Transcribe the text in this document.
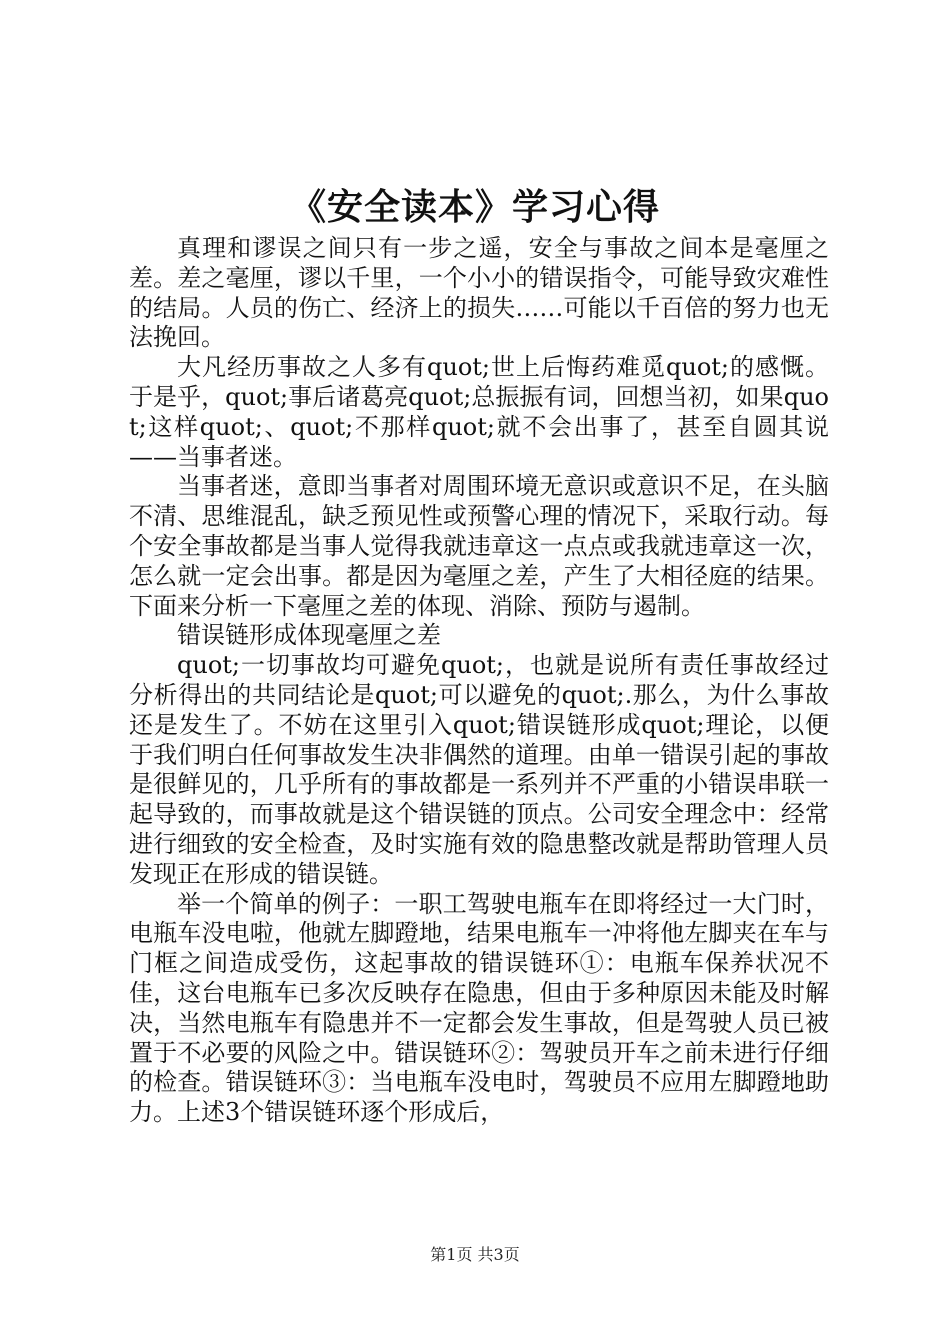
《安全读本》学习心得

真理和谬误之间只有一步之遥，安全与事故之间本是毫厘之差。差之毫厘，谬以千里，一个小小的错误指令，可能导致灾难性的结局。人员的伤亡、经济上的损失……可能以千百倍的努力也无法挽回。

大凡经历事故之人多有quot;世上后悔药难觅quot;的感慨。于是乎，quot;事后诸葛亮quot;总振振有词，回想当初，如果quot;这样quot;、quot;不那样quot;就不会出事了，甚至自圆其说——当事者迷。

当事者迷，意即当事者对周围环境无意识或意识不足，在头脑不清、思维混乱，缺乏预见性或预警心理的情况下，采取行动。每个安全事故都是当事人觉得我就违章这一点点或我就违章这一次，怎么就一定会出事。都是因为毫厘之差，产生了大相径庭的结果。下面来分析一下毫厘之差的体现、消除、预防与遏制。

错误链形成体现毫厘之差

quot;一切事故均可避免quot;，也就是说所有责任事故经过分析得出的共同结论是quot;可以避免的quot;.那么，为什么事故还是发生了。不妨在这里引入quot;错误链形成quot;理论，以便于我们明白任何事故发生决非偶然的道理。由单一错误引起的事故是很鲜见的，几乎所有的事故都是一系列并不严重的小错误串联一起导致的，而事故就是这个错误链的顶点。公司安全理念中：经常进行细致的安全检查，及时实施有效的隐患整改就是帮助管理人员发现正在形成的错误链。

举一个简单的例子：一职工驾驶电瓶车在即将经过一大门时，电瓶车没电啦，他就左脚蹬地，结果电瓶车一冲将他左脚夹在车与门框之间造成受伤，这起事故的错误链环①：电瓶车保养状况不佳，这台电瓶车已多次反映存在隐患，但由于多种原因未能及时解决，当然电瓶车有隐患并不一定都会发生事故，但是驾驶人员已被置于不必要的风险之中。错误链环②：驾驶员开车之前未进行仔细的检查。错误链环③：当电瓶车没电时，驾驶员不应用左脚蹬地助力。上述3个错误链环逐个形成后，

第1页 共3页
